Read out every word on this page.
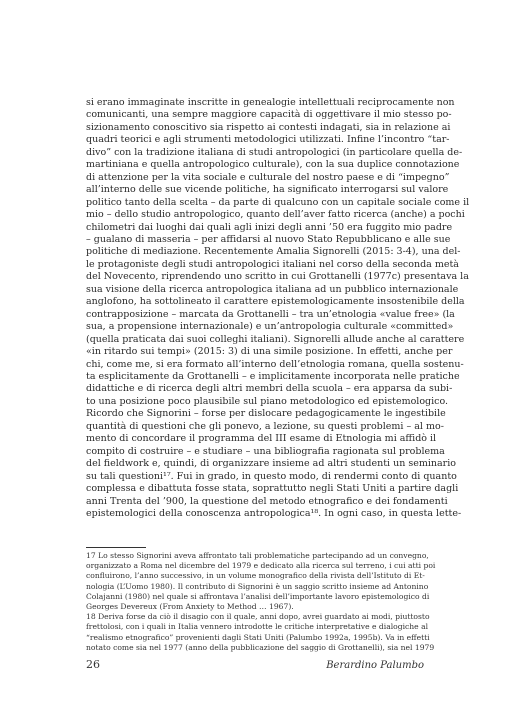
si erano immaginate inscritte in genealogie intellettuali reciprocamente non
comunicanti, una sempre maggiore capacità di oggettivare il mio stesso po-
sizionamento conoscitivo sia rispetto ai contesti indagati, sia in relazione ai
quadri teorici e agli strumenti metodologici utilizzati. Infine l’incontro “tar-
divo” con la tradizione italiana di studi antropologici (in particolare quella de-
martiniana e quella antropologico culturale), con la sua duplice connotazione
di attenzione per la vita sociale e culturale del nostro paese e di “impegno”
all’interno delle sue vicende politiche, ha significato interrogarsi sul valore
politico tanto della scelta – da parte di qualcuno con un capitale sociale come il
mio – dello studio antropologico, quanto dell’aver fatto ricerca (anche) a pochi
chilometri dai luoghi dai quali agli inizi degli anni ’50 era fuggito mio padre
– gualano di masseria – per affidarsi al nuovo Stato Repubblicano e alle sue
politiche di mediazione. Recentemente Amalia Signorelli (2015: 3-4), una del-
le protagoniste degli studi antropologici italiani nel corso della seconda metà
del Novecento, riprendendo uno scritto in cui Grottanelli (1977c) presentava la
sua visione della ricerca antropologica italiana ad un pubblico internazionale
anglofono, ha sottolineato il carattere epistemologicamente insostenibile della
contrapposizione – marcata da Grottanelli – tra un’etnologia «value free» (la
sua, a propensione internazionale) e un’antropologia culturale «committed»
(quella praticata dai suoi colleghi italiani). Signorelli allude anche al carattere
«in ritardo sui tempi» (2015: 3) di una simile posizione. In effetti, anche per
chi, come me, si era formato all’interno dell’etnologia romana, quella sostenu-
ta esplicitamente da Grottanelli – e implicitamente incorporata nelle pratiche
didattiche e di ricerca degli altri membri della scuola – era apparsa da subi-
to una posizione poco plausibile sul piano metodologico ed epistemologico.
Ricordo che Signorini – forse per dislocare pedagogicamente le ingestibile
quantità di questioni che gli ponevo, a lezione, su questi problemi – al mo-
mento di concordare il programma del III esame di Etnologia mi affidò il
compito di costruire – e studiare – una bibliografia ragionata sul problema
del fieldwork e, quindi, di organizzare insieme ad altri studenti un seminario
su tali questioni¹⁷. Fui in grado, in questo modo, di rendermi conto di quanto
complessa e dibattuta fosse stata, soprattutto negli Stati Uniti a partire dagli
anni Trenta del ’900, la questione del metodo etnografico e dei fondamenti
epistemologici della conoscenza antropologica¹⁸. In ogni caso, in questa lette-
17 Lo stesso Signorini aveva affrontato tali problematiche partecipando ad un convegno,
organizzato a Roma nel dicembre del 1979 e dedicato alla ricerca sul terreno, i cui atti poi
confluirono, l’anno successivo, in un volume monografico della rivista dell’Istituto di Et-
nologia (L’Uomo 1980). Il contributo di Signorini è un saggio scritto insieme ad Antonino
Colajanni (1980) nel quale si affrontava l’analisi dell’importante lavoro epistemologico di
Georges Devereux (From Anxiety to Method … 1967).
18 Deriva forse da ciò il disagio con il quale, anni dopo, avrei guardato ai modi, piuttosto
frettolosi, con i quali in Italia vennero introdotte le critiche interpretative e dialogiche al
“realismo etnografico” provenienti dagli Stati Uniti (Palumbo 1992a, 1995b). Va in effetti
notato come sia nel 1977 (anno della pubblicazione del saggio di Grottanelli), sia nel 1979
26	Berardino Palumbo
